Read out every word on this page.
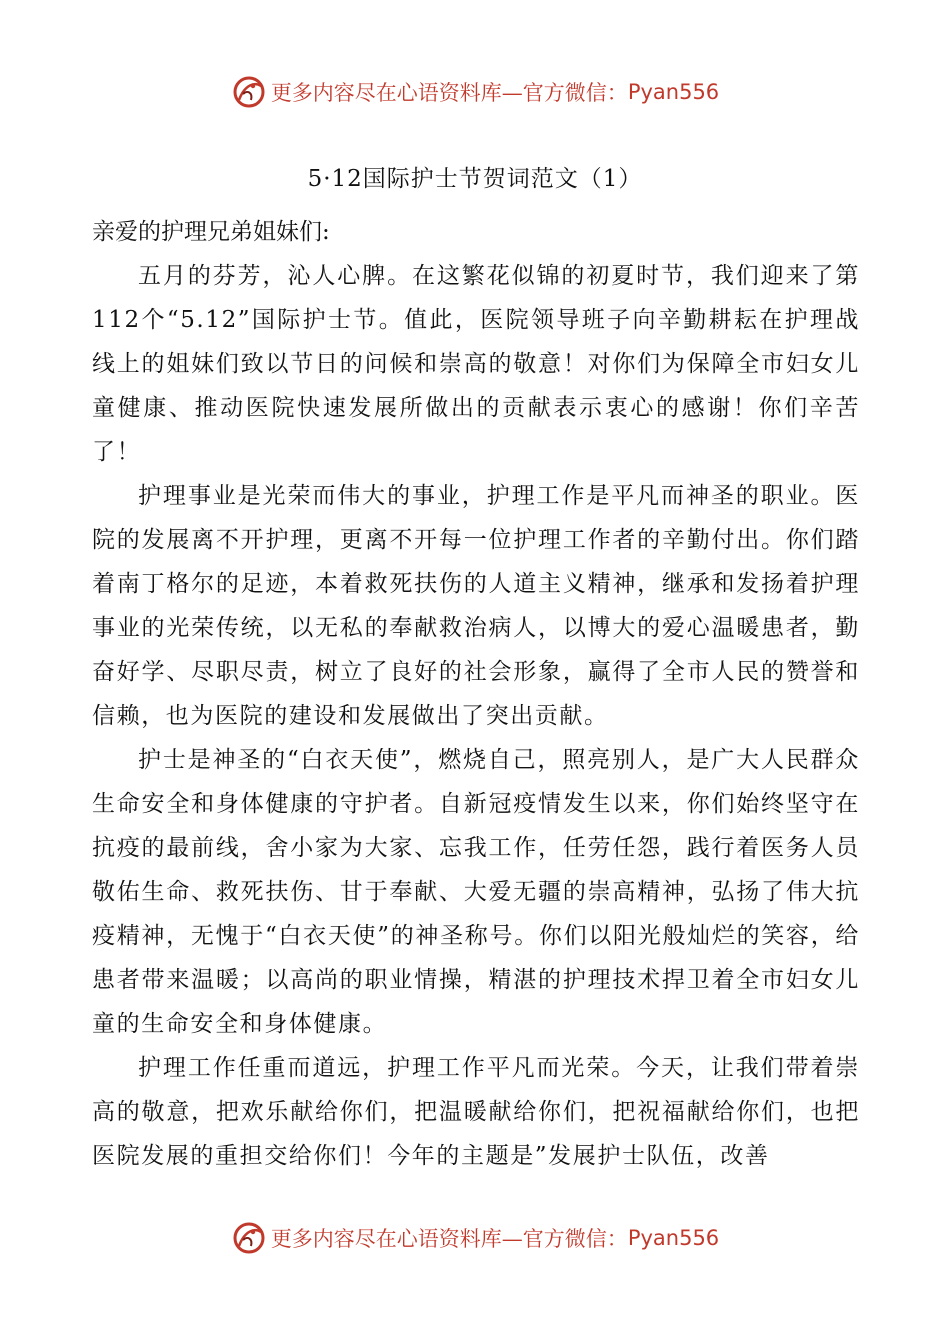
更多内容尽在心语资料库—官方微信： Pyan556
5·12国际护士节贺词范文（1）

亲爱的护理兄弟姐妹们:

五月的芬芳，沁人心脾。在这繁花似锦的初夏时节，我们迎来了第112个“5.12”国际护士节。值此，医院领导班子向辛勤耕耘在护理战线上的姐妹们致以节日的问候和崇高的敬意！对你们为保障全市妇女儿童健康、推动医院快速发展所做出的贡献表示衷心的感谢！你们辛苦了！

护理事业是光荣而伟大的事业，护理工作是平凡而神圣的职业。医院的发展离不开护理，更离不开每一位护理工作者的辛勤付出。你们踏着南丁格尔的足迹，本着救死扶伤的人道主义精神，继承和发扬着护理事业的光荣传统，以无私的奉献救治病人，以博大的爱心温暖患者，勤奋好学、尽职尽责，树立了良好的社会形象，赢得了全市人民的赞誉和信赖，也为医院的建设和发展做出了突出贡献。

护士是神圣的“白衣天使”，燃烧自己，照亮别人，是广大人民群众生命安全和身体健康的守护者。自新冠疫情发生以来，你们始终坚守在抗疫的最前线，舍小家为大家、忘我工作，任劳任怨，践行着医务人员敬佑生命、救死扶伤、甘于奉献、大爱无疆的崇高精神，弘扬了伟大抗疫精神，无愧于“白衣天使”的神圣称号。你们以阳光般灿烂的笑容，给患者带来温暖；以高尚的职业情操，精湛的护理技术捍卫着全市妇女儿童的生命安全和身体健康。

护理工作任重而道远，护理工作平凡而光荣。今天，让我们带着崇高的敬意，把欢乐献给你们，把温暖献给你们，把祝福献给你们，也把医院发展的重担交给你们！今年的主题是”发展护士队伍，改善

更多内容尽在心语资料库—官方微信： Pyan556
